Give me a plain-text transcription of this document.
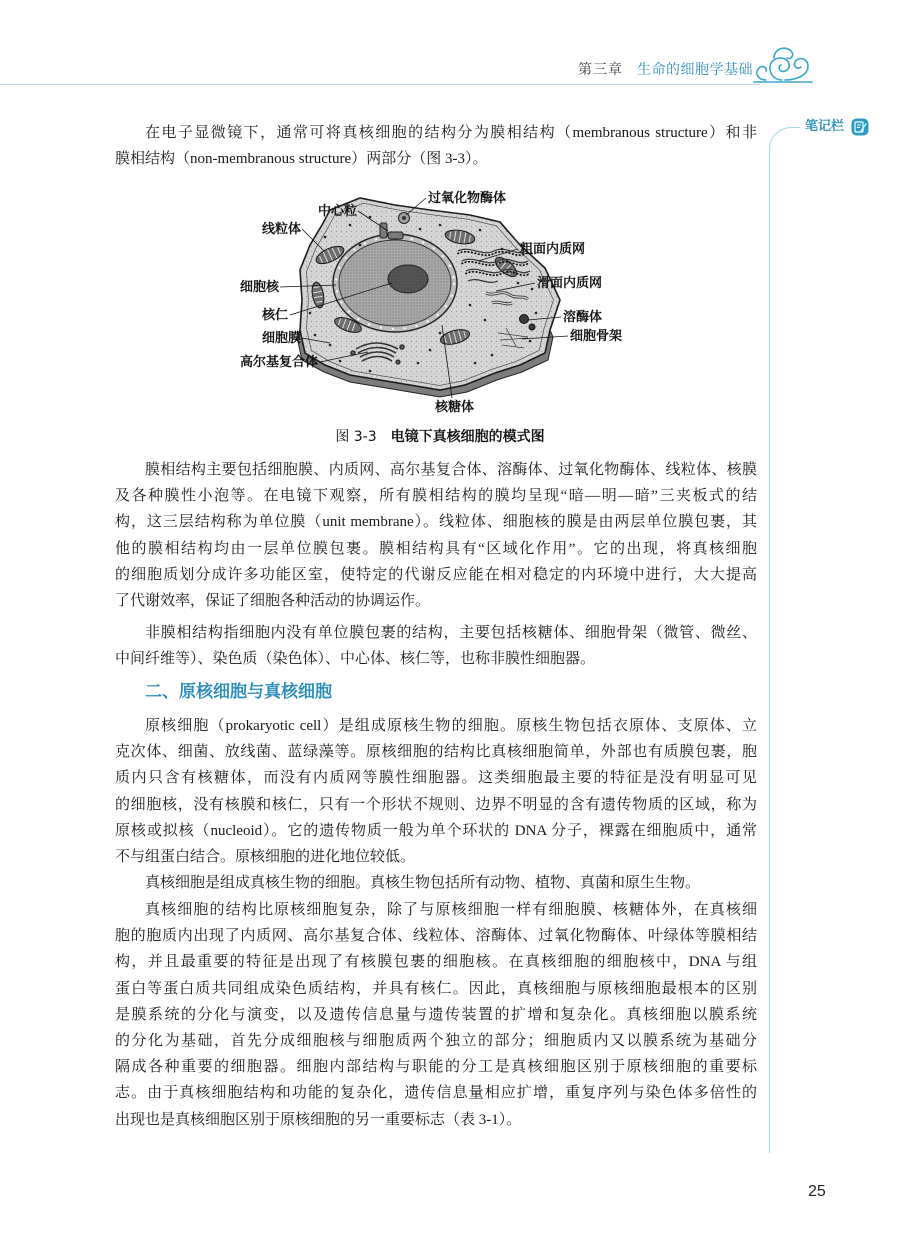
第三章 生命的细胞学基础
笔记栏
在电子显微镜下，通常可将真核细胞的结构分为膜相结构（membranous structure）和非
膜相结构（non-membranous structure）两部分（图 3-3）。
中心粒
过氧化物酶体
线粒体
粗面内质网
滑面内质网
细胞核
核仁	溶酶体
细胞骨架
细胞膜
高尔基复合体
核糖体
图 3-3 电镜下真核细胞的模式图
膜相结构主要包括细胞膜、内质网、高尔基复合体、溶酶体、过氧化物酶体、线粒体、核膜
及各种膜性小泡等。在电镜下观察，所有膜相结构的膜均呈现“暗—明—暗”三夹板式的结
构，这三层结构称为单位膜（unit membrane）。线粒体、细胞核的膜是由两层单位膜包裹，其
他的膜相结构均由一层单位膜包裹。膜相结构具有“区域化作用”。它的出现，将真核细胞
的细胞质划分成许多功能区室，使特定的代谢反应能在相对稳定的内环境中进行，大大提高
了代谢效率，保证了细胞各种活动的协调运作。
非膜相结构指细胞内没有单位膜包裹的结构，主要包括核糖体、细胞骨架（微管、微丝、
中间纤维等）、染色质（染色体）、中心体、核仁等，也称非膜性细胞器。
二、原核细胞与真核细胞
原核细胞（prokaryotic cell）是组成原核生物的细胞。原核生物包括衣原体、支原体、立
克次体、细菌、放线菌、蓝绿藻等。原核细胞的结构比真核细胞简单，外部也有质膜包裹，胞
质内只含有核糖体，而没有内质网等膜性细胞器。这类细胞最主要的特征是没有明显可见
的细胞核，没有核膜和核仁，只有一个形状不规则、边界不明显的含有遗传物质的区域，称为
原核或拟核（nucleoid）。它的遗传物质一般为单个环状的 DNA 分子，裸露在细胞质中，通常
不与组蛋白结合。原核细胞的进化地位较低。
真核细胞是组成真核生物的细胞。真核生物包括所有动物、植物、真菌和原生生物。
真核细胞的结构比原核细胞复杂，除了与原核细胞一样有细胞膜、核糖体外，在真核细
胞的胞质内出现了内质网、高尔基复合体、线粒体、溶酶体、过氧化物酶体、叶绿体等膜相结
构，并且最重要的特征是出现了有核膜包裹的细胞核。在真核细胞的细胞核中，DNA 与组
蛋白等蛋白质共同组成染色质结构，并具有核仁。因此，真核细胞与原核细胞最根本的区别
是膜系统的分化与演变，以及遗传信息量与遗传装置的扩增和复杂化。真核细胞以膜系统
的分化为基础，首先分成细胞核与细胞质两个独立的部分；细胞质内又以膜系统为基础分
隔成各种重要的细胞器。细胞内部结构与职能的分工是真核细胞区别于原核细胞的重要标
志。由于真核细胞结构和功能的复杂化，遗传信息量相应扩增，重复序列与染色体多倍性的
出现也是真核细胞区别于原核细胞的另一重要标志（表 3-1）。
25
